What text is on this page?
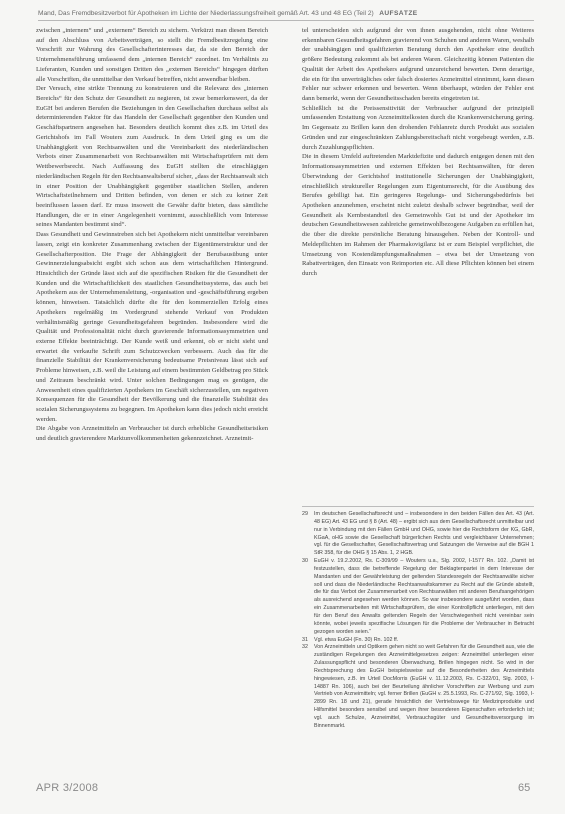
Mand, Das Fremdbesitzverbot für Apotheken im Lichte der Niederlassungsfreiheit gemäß Art. 43 und 48 EG (Teil 2) AUFSÄTZE

zwischen „internem“ und „externem“ Bereich zu sichern. Verkürzt man diesen Bereich auf den Abschluss von Arbeitsverträgen, so stellt die Fremdbesitzregelung eine Vorschrift zur Wahrung des Gesellschafterinteresses dar, da sie den Bereich der Unternehmensführung umfassend dem „internen Bereich“ zuordnet. Im Verhältnis zu Lieferanten, Kunden und sonstigen Dritten des „externen Bereichs“ hingegen dürften alle Vorschriften, die unmittelbar den Verkauf betreffen, nicht anwendbar bleiben.

Der Versuch, eine strikte Trennung zu konstruieren und die Relevanz des „internen Bereichs“ für den Schutz der Gesundheit zu negieren, ist zwar bemerkenswert, da der EuGH bei anderen Berufen die Beziehungen in den Gesellschaften durchaus selbst als determinierenden Faktor für das Handeln der Gesellschaft gegenüber den Kunden und Geschäftspartnern angesehen hat. Besonders deutlich kommt dies z.B. im Urteil des Gerichtshofs im Fall Wouters zum Ausdruck. In dem Urteil ging es um die Unabhängigkeit von Rechtsanwälten und die Vereinbarkeit des niederländischen Verbots einer Zusammenarbeit von Rechtsanwälten mit Wirtschaftsprüfern mit dem Wettbewerbsrecht. Nach Auffassung des EuGH stellten die einschlägigen niederländischen Regeln für den Rechtsanwaltsberuf sicher, „dass der Rechtsanwalt sich in einer Position der Unabhängigkeit gegenüber staatlichen Stellen, anderen Wirtschaftsteilnehmern und Dritten befinden, von denen er sich zu keiner Zeit beeinflussen lassen darf. Er muss insoweit die Gewähr dafür bieten, dass sämtliche Handlungen, die er in einer Angelegenheit vornimmt, ausschließlich vom Interesse seines Mandanten bestimmt sind“.

Dass Gesundheit und Gewinnstreben sich bei Apothekern nicht unmittelbar vereinbaren lassen, zeigt ein konkreter Zusammenhang zwischen der Eigentümerstruktur und der Gesellschafterposition. Die Frage der Abhängigkeit der Berufsausübung unter Gewinnerzielungsabsicht ergibt sich schon aus dem wirtschaftlichen Hintergrund. Hinsichtlich der Gründe lässt sich auf die spezifischen Risiken für die Gesundheit der Kunden und die Wirtschaftlichkeit des staatlichen Gesundheitssystems, das auch bei Apothekern aus der Unternehmensleitung, -organisation und -geschäftsführung ergeben können, hinweisen. Tatsächlich dürfte die für den kommerziellen Erfolg eines Apothekers regelmäßig im Vordergrund stehende Verkauf von Produkten verhältnismäßig geringe Gesundheitsgefahren begründen. Insbesondere wird die Qualität und Professionalität nicht durch gravierende Informationsasymmetrien und externe Effekte beeinträchtigt. Der Kunde weiß und erkennt, ob er nicht sieht und erwartet die verkaufte Schrift zum Schutzzwecken verbessern. Auch das für die finanzielle Stabilität der Krankenversicherung bedeutsame Preisniveau lässt sich auf Probleme hinweisen, z.B. weil die Leistung auf einem bestimmten Geldbetrag pro Stück und Zeitraum beschränkt wird. Unter solchen Bedingungen mag es genügen, die Anwesenheit eines qualifizierten Apothekers im Geschäft sicherzustellen, um negativen Konsequenzen für die Gesundheit der Bevölkerung und die finanzielle Stabilität des sozialen Sicherungssystems zu begegnen. Im Apotheken kann dies jedoch nicht erreicht werden.

Die Abgabe von Arzneimitteln an Verbraucher ist durch erhebliche Gesundheitsrisiken und deutlich gravierendere Marktunvollkommenheiten gekennzeichnet. Arzneimit-

tel unterscheiden sich aufgrund der von ihnen ausgehenden, nicht ohne Weiteres erkennbaren Gesundheitsgefahren gravierend von Schuhen und anderen Waren, weshalb der unabhängigen und qualifizierten Beratung durch den Apotheker eine deutlich größere Bedeutung zukommt als bei anderen Waren. Gleichzeitig können Patienten die Qualität der Arbeit des Apothekers aufgrund unzureichend bewerten. Denn derartige, die ein für ihn unverträgliches oder falsch dosiertes Arzneimittel einnimmt, kann diesen Fehler nur schwer erkennen und bewerten. Wenn überhaupt, würden der Fehler erst dann bemerkt, wenn der Gesundheitsschaden bereits eingetreten ist.

Schließlich ist die Preissensitivität der Verbraucher aufgrund der prinzipiell umfassenden Erstattung von Arzneimittelkosten durch die Krankenversicherung gering. Im Gegensatz zu Brillen kann den drohenden Fehlanreiz durch Produkt aus sozialen Gründen und zur eingeschränkten Zahlungsbereitschaft nicht vorgebeugt werden, z.B. durch Zuzahlungspflichten.

Die in diesem Umfeld auftretenden Marktdefizite und dadurch entgegen denen mit den Informationsasymmetrien und externen Effekten bei Rechtsanwälten, für deren Überwindung der Gerichtshof institutionelle Sicherungen der Unabhängigkeit, einschließlich struktureller Regelungen zum Eigentumsrecht, für die Ausübung des Berufes gebilligt hat. Ein geringeres Regelungs- und Sicherungsbedürfnis bei Apotheken anzunehmen, erscheint nicht zuletzt deshalb schwer begründbar, weil der Gesundheit als Kernbestandteil des Gemeinwohls Gut ist und der Apotheker im deutschen Gesundheitswesen zahlreiche gemeinwohlbezogene Aufgaben zu erfüllen hat, die über die direkte persönliche Beratung hinausgehen. Neben der Kontroll- und Meldepflichten im Rahmen der Pharmakovigilanz ist er zum Beispiel verpflichtet, die Umsetzung von Kostendämpfungsmaßnahmen – etwa bei der Umsetzung von Rabattverträgen, den Einsatz von Reimporten etc. All diese Pflichten können bei einem durch

29	Im deutschen Gesellschaftsrecht und – insbesondere in den beiden Fällen des Art. 43 (Art. 48 EG) Art. 43 EG und § 8 (Art. 48) – ergibt sich aus dem Gesellschaftsrecht unmittelbar und nur in Verbindung mit den Fällen GmbH und OHG, sowie hier die Rechtsform der KG, GbR, KGaA, oHG sowie die Gesellschaft bürgerlichen Rechts und vergleichbarer Unternehmen; vgl. für die Gesellschafter, Gesellschaftsvertrag und Satzungen die Verweise auf die BGH 1 StR 358, für die OHG § 15 Abs. 1, 2 HGB.
30	EuGH v. 19.2.2002, Rs. C-309/99 – Wouters u.a., Slg. 2002, I-1577 Rn. 102. „Damit ist festzustellen, dass die betreffende Regelung der Beklagtenpartei in dem Interesse der Mandanten und der Gewährleistung der geltenden Standesregeln der Rechtsanwälte sicher soll und dass die Niederländische Rechtsanwaltskammer zu Recht auf die Gründe abstellt, die für das Verbot der Zusammenarbeit von Rechtsanwälten mit anderen Berufsangehörigen als ausreichend angesehen werden können. So war insbesondere ausgeführt worden, dass ein Zusammenarbeiten mit Wirtschaftsprüfern, die einer Kontrollpflicht unterliegen, mit den für den Beruf des Anwalts geltenden Regeln der Verschwiegenheit nicht vereinbar sein könnte, wobei jeweils spezifische Lösungen für die Probleme der Verbraucher in Betracht gezogen worden seien.“
31	Vgl. etwa EuGH (Fn. 30) Rn. 102 ff.
32	Von Arzneimitteln und Optikern gehen nicht so weit Gefahren für die Gesundheit aus, wie die zuständigen Regelungen des Arzneimittelgesetzes zeigen: Arzneimittel unterliegen einer Zulassungspflicht und besonderen Überwachung, Brillen hingegen nicht. So wird in der Rechtsprechung des EuGH beispielsweise auf die Besonderheiten des Arzneimittels hingewiesen, z.B. im Urteil DocMorris (EuGH v. 11.12.2003, Rs. C-322/01, Slg. 2003, I-14887 Rn. 106), auch bei der Beurteilung ähnlicher Vorschriften zur Werbung und zum Vertrieb von Arzneimitteln; vgl. ferner Brillen (EuGH v. 25.5.1993, Rs. C-271/92, Slg. 1993, I-2899 Rn. 18 und 21), gerade hinsichtlich der Vertriebswege für Medizinprodukte und Hilfsmittel besonders sensibel und wegen ihrer besonderen Eigenschaften erforderlich ist; vgl. auch Schulze, Arzneimittel, Verbrauchsgüter und Gesundheitsversorgung im Binnenmarkt.
APR 3/2008	65
